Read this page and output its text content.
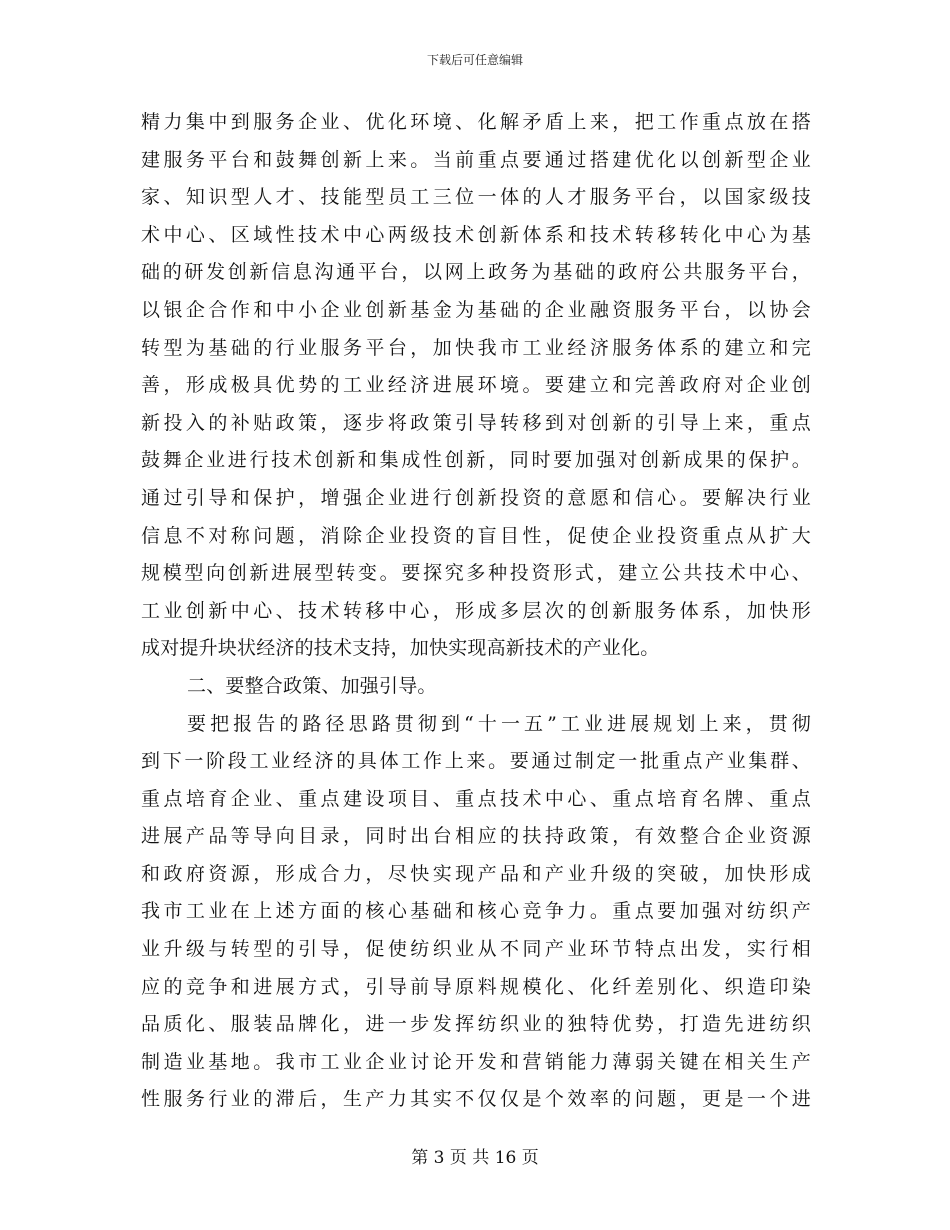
下载后可任意编辑
精力集中到服务企业、优化环境、化解矛盾上来，把工作重点放在搭
建服务平台和鼓舞创新上来。当前重点要通过搭建优化以创新型企业
家、知识型人才、技能型员工三位一体的人才服务平台，以国家级技
术中心、区域性技术中心两级技术创新体系和技术转移转化中心为基
础的研发创新信息沟通平台，以网上政务为基础的政府公共服务平台，
以银企合作和中小企业创新基金为基础的企业融资服务平台，以协会
转型为基础的行业服务平台，加快我市工业经济服务体系的建立和完
善，形成极具优势的工业经济进展环境。要建立和完善政府对企业创
新投入的补贴政策，逐步将政策引导转移到对创新的引导上来，重点
鼓舞企业进行技术创新和集成性创新，同时要加强对创新成果的保护。
通过引导和保护，增强企业进行创新投资的意愿和信心。要解决行业
信息不对称问题，消除企业投资的盲目性，促使企业投资重点从扩大
规模型向创新进展型转变。要探究多种投资形式，建立公共技术中心、
工业创新中心、技术转移中心，形成多层次的创新服务体系，加快形
成对提升块状经济的技术支持，加快实现高新技术的产业化。
二、要整合政策、加强引导。
要把报告的路径思路贯彻到“十一五”工业进展规划上来，贯彻
到下一阶段工业经济的具体工作上来。要通过制定一批重点产业集群、
重点培育企业、重点建设项目、重点技术中心、重点培育名牌、重点
进展产品等导向目录，同时出台相应的扶持政策，有效整合企业资源
和政府资源，形成合力，尽快实现产品和产业升级的突破，加快形成
我市工业在上述方面的核心基础和核心竞争力。重点要加强对纺织产
业升级与转型的引导，促使纺织业从不同产业环节特点出发，实行相
应的竞争和进展方式，引导前导原料规模化、化纤差别化、织造印染
品质化、服装品牌化，进一步发挥纺织业的独特优势，打造先进纺织
制造业基地。我市工业企业讨论开发和营销能力薄弱关键在相关生产
性服务行业的滞后，生产力其实不仅仅是个效率的问题，更是一个进
第 3 页 共 16 页
